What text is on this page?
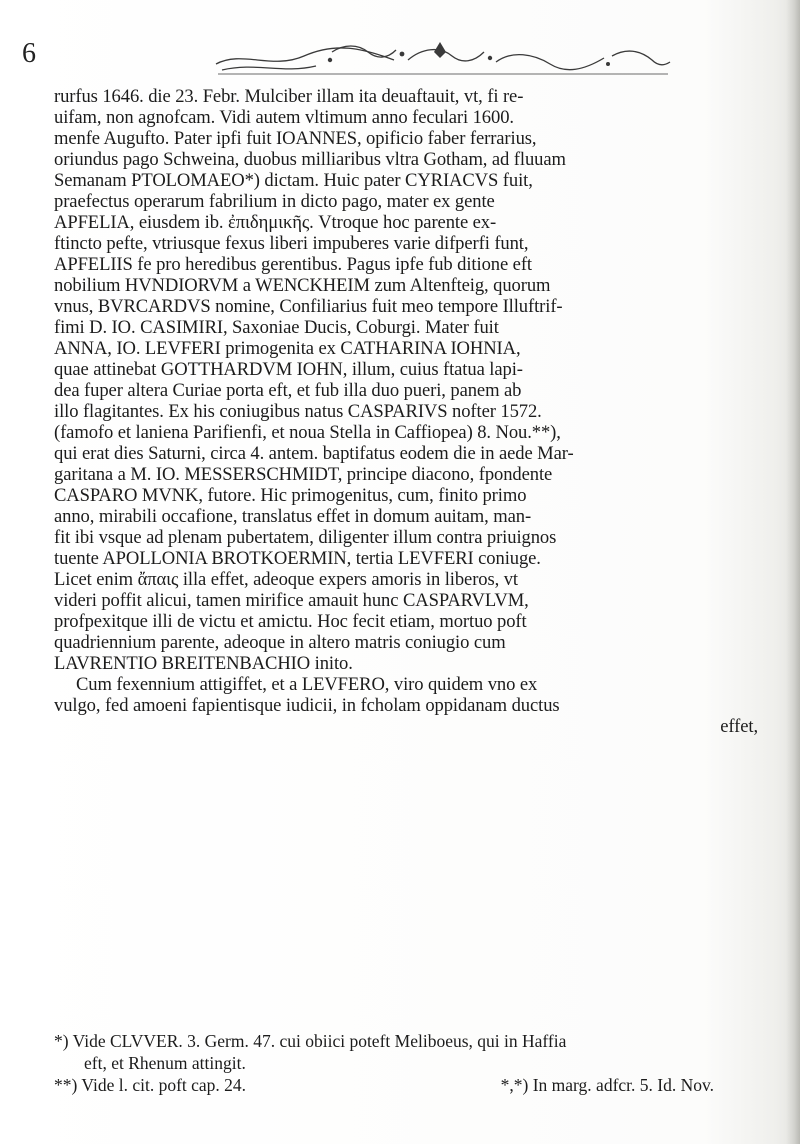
6
rurfus 1646. die 23. Febr. Mulciber illam ita deuaftauit, vt, fi re-
uifam, non agnofcam. Vidi autem vltimum anno feculari 1600.
menfe Augufto. Pater ipfi fuit IOANNES, opificio faber ferrarius,
oriundus pago Schweina, duobus milliaribus vltra Gotham, ad fluuam
Semanam PTOLOMAEO*) dictam. Huic pater CYRIACVS fuit,
praefectus operarum fabrilium in dicto pago, mater ex gente
APFELIA, eiusdem ib. ἐπιδημικῆς. Vtroque hoc parente ex-
ftincto pefte, vtriusque fexus liberi impuberes varie difperfi funt,
APFELIIS fe pro heredibus gerentibus. Pagus ipfe fub ditione eft
nobilium HVNDIORVM a WENCKHEIM zum Altenfteig, quorum
vnus, BVRCARDVS nomine, Confiliarius fuit meo tempore Illuftrif-
fimi D. IO. CASIMIRI, Saxoniae Ducis, Coburgi. Mater fuit
ANNA, IO. LEVFERI primogenita ex CATHARINA IOHNIA,
quae attinebat GOTTHARDVM IOHN, illum, cuius ftatua lapi-
dea fuper altera Curiae porta eft, et fub illa duo pueri, panem ab
illo flagitantes. Ex his coniugibus natus CASPARIVS nofter 1572.
(famofo et laniena Parifienfi, et noua Stella in Caffiopea) 8. Nou.**),
qui erat dies Saturni, circa 4. antem. baptifatus eodem die in aede Mar-
garitana a M. IO. MESSERSCHMIDT, principe diacono, fpondente
CASPARO MVNK, futore. Hic primogenitus, cum, finito primo
anno, mirabili occafione, translatus effet in domum auitam, man-
fit ibi vsque ad plenam pubertatem, diligenter illum contra priuignos
tuente APOLLONIA BROTKOERMIN, tertia LEVFERI coniuge.
Licet enim ἄπαις illa effet, adeoque expers amoris in liberos, vt
videri poffit alicui, tamen mirifice amauit hunc CASPARVLVM,
profpexitque illi de victu et amictu. Hoc fecit etiam, mortuo poft
quadriennium parente, adeoque in altero matris coniugio cum
LAVRENTIO BREITENBACHIO inito.
Cum fexennium attigiffet, et a LEVFERO, viro quidem vno ex
vulgo, fed amoeni fapientisque iudicii, in fcholam oppidanam ductus
effet,
*) Vide CLVVER. 3. Germ. 47. cui obiici poteft Meliboeus, qui in Haffia
eft, et Rhenum attingit.
**) Vide l. cit. poft cap. 24.	*,*) In marg. adfcr. 5. Id. Nov.
